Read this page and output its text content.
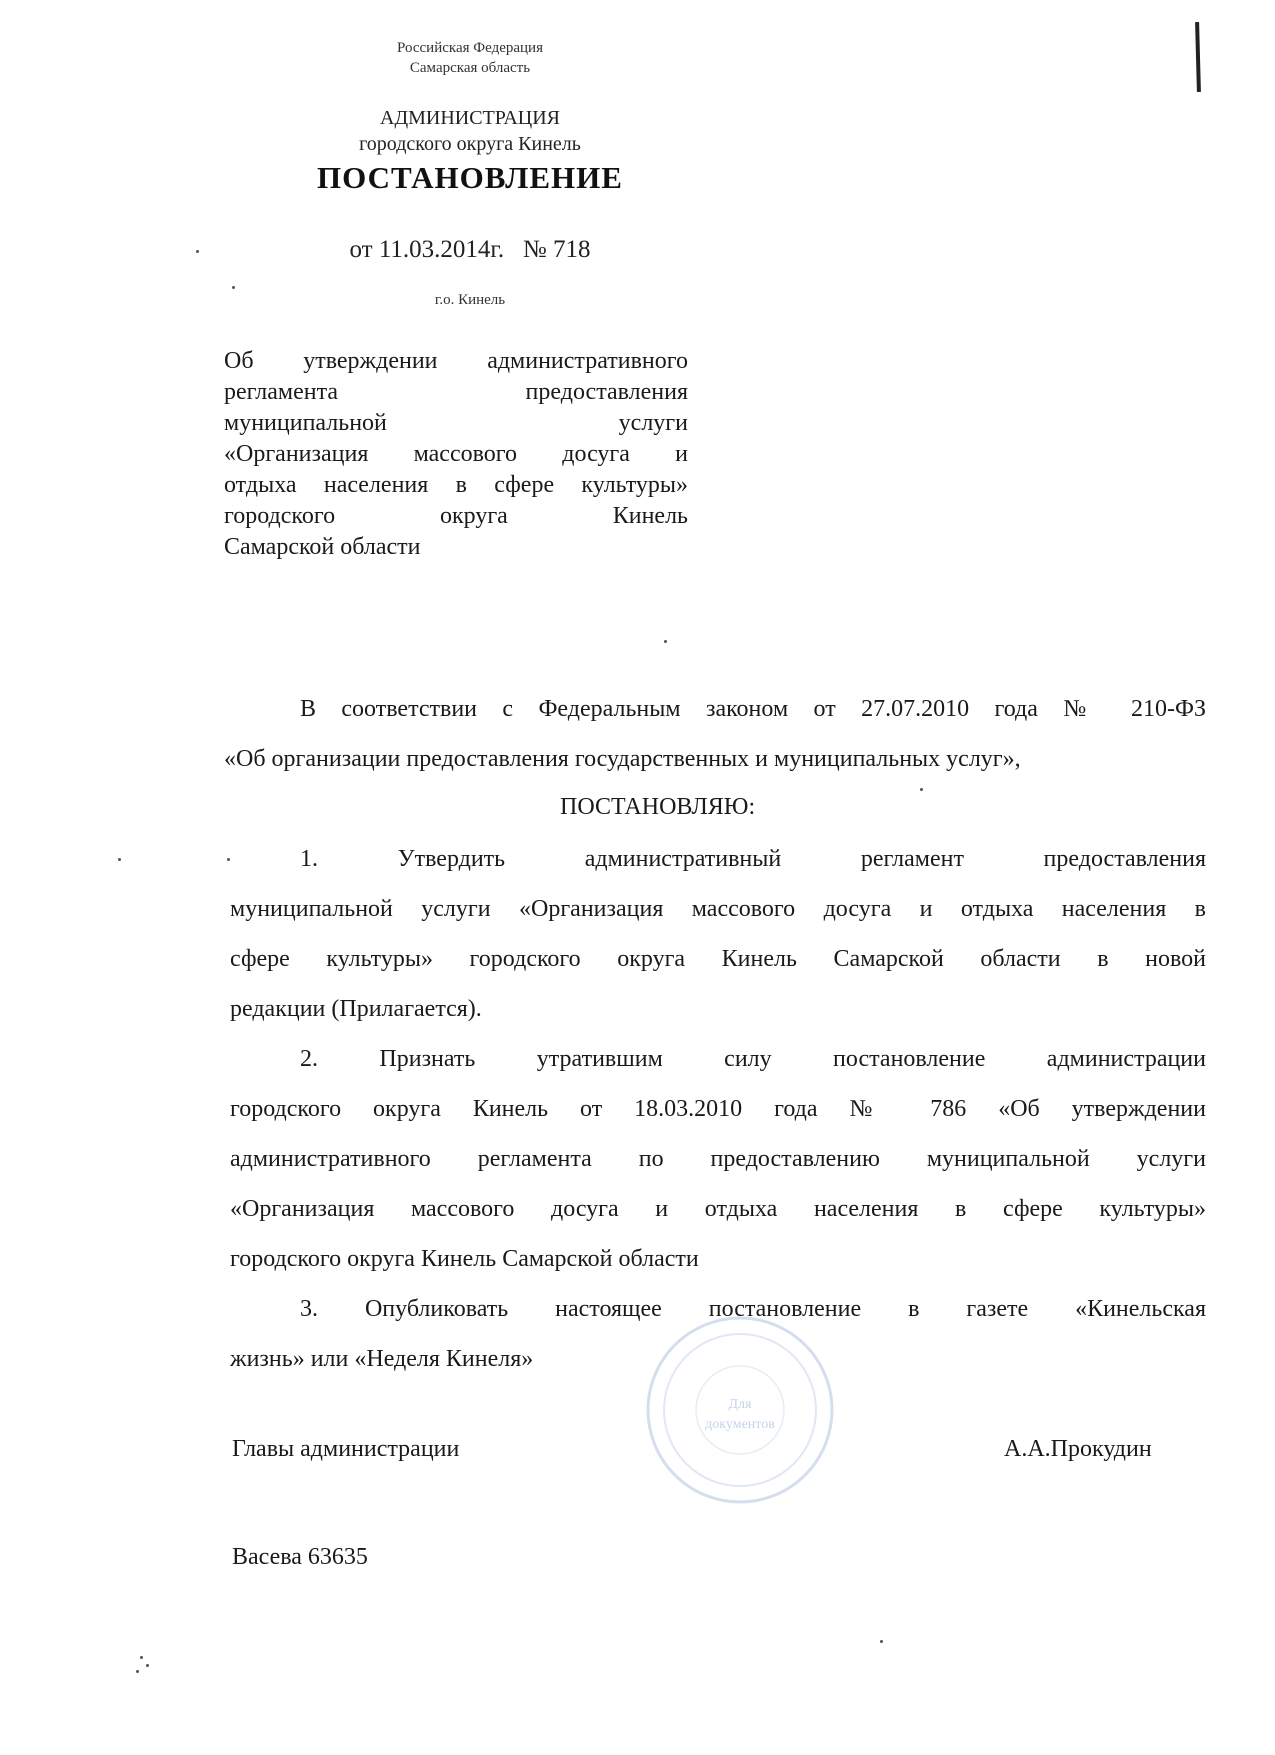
Российская Федерация
Самарская область
АДМИНИСТРАЦИЯ
городского округа Кинель
ПОСТАНОВЛЕНИЕ
от 11.03.2014г.   № 718
г.о. Кинель
Об утверждении административного
регламента предоставления
муниципальной услуги
«Организация массового досуга и
отдыха населения в сфере культуры»
городского округа Кинель
Самарской области
В соответствии с Федеральным законом от 27.07.2010 года № 210-ФЗ
«Об организации предоставления государственных и муниципальных услуг»,
ПОСТАНОВЛЯЮ:
1. Утвердить административный регламент предоставления
муниципальной услуги «Организация массового досуга и отдыха населения в
сфере культуры» городского округа Кинель Самарской области в новой
редакции (Прилагается).
2. Признать утратившим силу постановление администрации
городского округа Кинель от 18.03.2010 года № 786 «Об утверждении
административного регламента по предоставлению муниципальной услуги
«Организация массового досуга и отдыха населения в сфере культуры»
городского округа Кинель Самарской области
3. Опубликовать настоящее постановление в газете «Кинельская
жизнь» или «Неделя Кинеля»
Для
документов
Главы администрации	А.А.Прокудин
Васева 63635
